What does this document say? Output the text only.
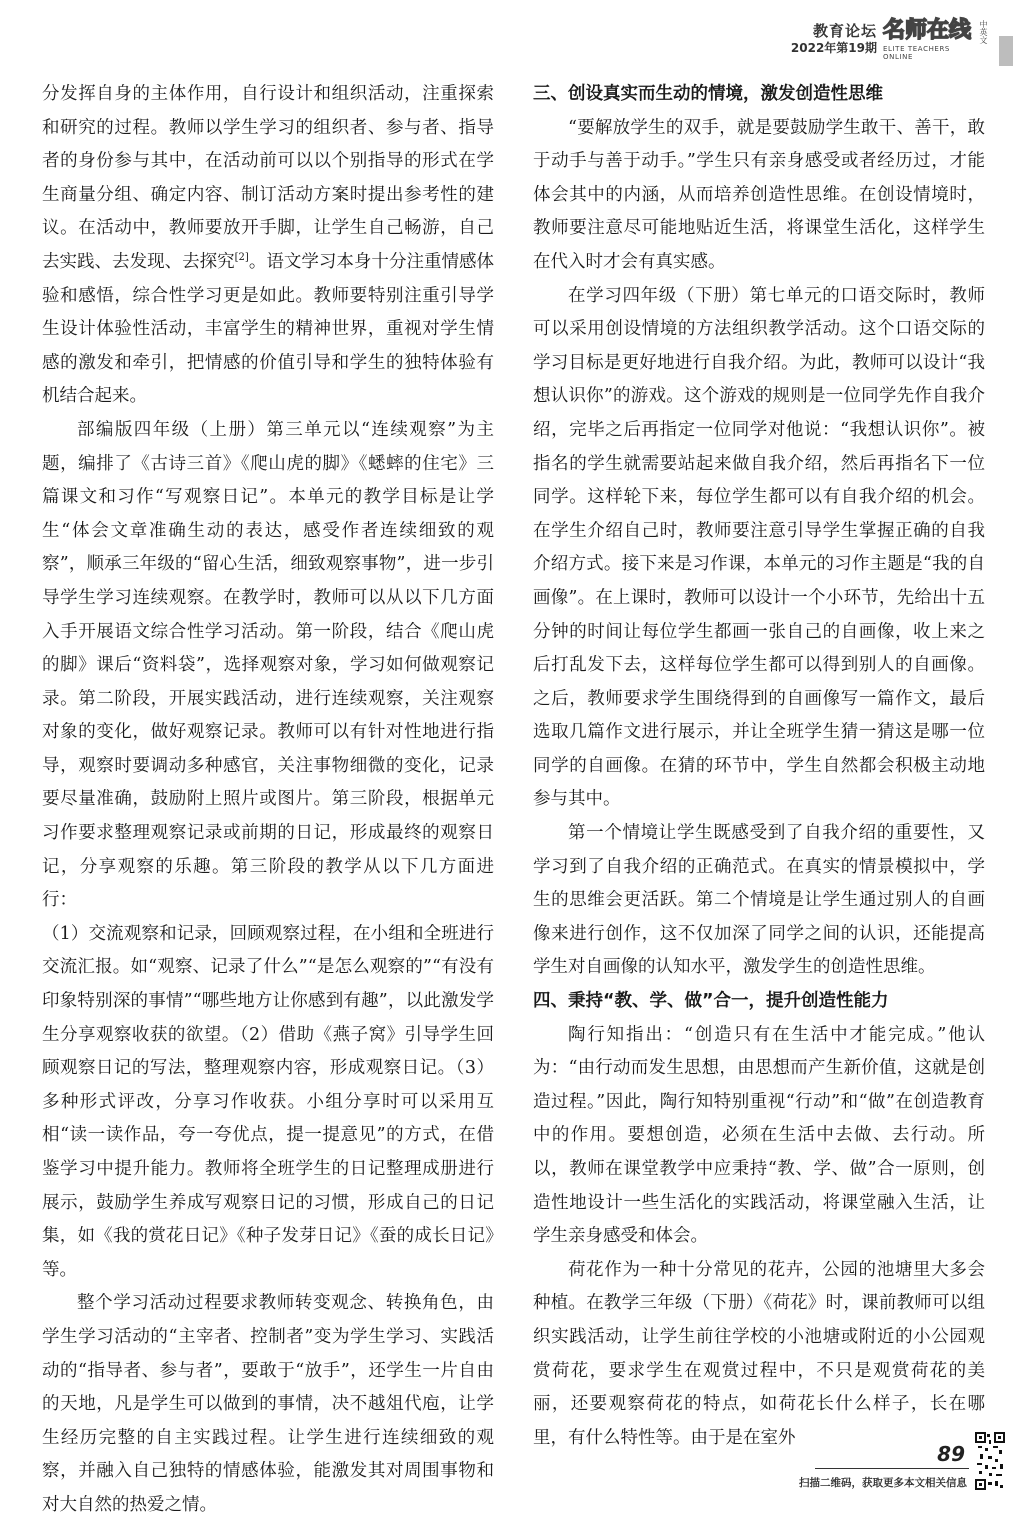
教育论坛
2022年第19期
名师在线
ELITE TEACHERS ONLINE
中英文

分发挥自身的主体作用，自行设计和组织活动，注重探索和研究的过程。教师以学生学习的组织者、参与者、指导者的身份参与其中，在活动前可以以个别指导的形式在学生商量分组、确定内容、制订活动方案时提出参考性的建议。在活动中，教师要放开手脚，让学生自己畅游，自己去实践、去发现、去探究[2]。语文学习本身十分注重情感体验和感悟，综合性学习更是如此。教师要特别注重引导学生设计体验性活动，丰富学生的精神世界，重视对学生情感的激发和牵引，把情感的价值引导和学生的独特体验有机结合起来。

部编版四年级（上册）第三单元以“连续观察”为主题，编排了《古诗三首》《爬山虎的脚》《蟋蟀的住宅》三篇课文和习作“写观察日记”。本单元的教学目标是让学生“体会文章准确生动的表达，感受作者连续细致的观察”，顺承三年级的“留心生活，细致观察事物”，进一步引导学生学习连续观察。在教学时，教师可以从以下几方面入手开展语文综合性学习活动。第一阶段，结合《爬山虎的脚》课后“资料袋”，选择观察对象，学习如何做观察记录。第二阶段，开展实践活动，进行连续观察，关注观察对象的变化，做好观察记录。教师可以有针对性地进行指导，观察时要调动多种感官，关注事物细微的变化，记录要尽量准确，鼓励附上照片或图片。第三阶段，根据单元习作要求整理观察记录或前期的日记，形成最终的观察日记，分享观察的乐趣。第三阶段的教学从以下几方面进行：

（1）交流观察和记录，回顾观察过程，在小组和全班进行交流汇报。如“观察、记录了什么”“是怎么观察的”“有没有印象特别深的事情”“哪些地方让你感到有趣”，以此激发学生分享观察收获的欲望。（2）借助《燕子窝》引导学生回顾观察日记的写法，整理观察内容，形成观察日记。（3）多种形式评改，分享习作收获。小组分享时可以采用互相“读一读作品，夸一夸优点，提一提意见”的方式，在借鉴学习中提升能力。教师将全班学生的日记整理成册进行展示，鼓励学生养成写观察日记的习惯，形成自己的日记集，如《我的赏花日记》《种子发芽日记》《蚕的成长日记》等。

整个学习活动过程要求教师转变观念、转换角色，由学生学习活动的“主宰者、控制者”变为学生学习、实践活动的“指导者、参与者”，要敢于“放手”，还学生一片自由的天地，凡是学生可以做到的事情，决不越俎代庖，让学生经历完整的自主实践过程。让学生进行连续细致的观察，并融入自己独特的情感体验，能激发其对周围事物和对大自然的热爱之情。

三、创设真实而生动的情境，激发创造性思维

“要解放学生的双手，就是要鼓励学生敢干、善干，敢于动手与善于动手。”学生只有亲身感受或者经历过，才能体会其中的内涵，从而培养创造性思维。在创设情境时，教师要注意尽可能地贴近生活，将课堂生活化，这样学生在代入时才会有真实感。

在学习四年级（下册）第七单元的口语交际时，教师可以采用创设情境的方法组织教学活动。这个口语交际的学习目标是更好地进行自我介绍。为此，教师可以设计“我想认识你”的游戏。这个游戏的规则是一位同学先作自我介绍，完毕之后再指定一位同学对他说：“我想认识你”。被指名的学生就需要站起来做自我介绍，然后再指名下一位同学。这样轮下来，每位学生都可以有自我介绍的机会。在学生介绍自己时，教师要注意引导学生掌握正确的自我介绍方式。接下来是习作课，本单元的习作主题是“我的自画像”。在上课时，教师可以设计一个小环节，先给出十五分钟的时间让每位学生都画一张自己的自画像，收上来之后打乱发下去，这样每位学生都可以得到别人的自画像。之后，教师要求学生围绕得到的自画像写一篇作文，最后选取几篇作文进行展示，并让全班学生猜一猜这是哪一位同学的自画像。在猜的环节中，学生自然都会积极主动地参与其中。

第一个情境让学生既感受到了自我介绍的重要性，又学习到了自我介绍的正确范式。在真实的情景模拟中，学生的思维会更活跃。第二个情境是让学生通过别人的自画像来进行创作，这不仅加深了同学之间的认识，还能提高学生对自画像的认知水平，激发学生的创造性思维。

四、秉持“教、学、做”合一，提升创造性能力

陶行知指出：“创造只有在生活中才能完成。”他认为：“由行动而发生思想，由思想而产生新价值，这就是创造过程。”因此，陶行知特别重视“行动”和“做”在创造教育中的作用。要想创造，必须在生活中去做、去行动。所以，教师在课堂教学中应秉持“教、学、做”合一原则，创造性地设计一些生活化的实践活动，将课堂融入生活，让学生亲身感受和体会。

荷花作为一种十分常见的花卉，公园的池塘里大多会种植。在教学三年级（下册）《荷花》时，课前教师可以组织实践活动，让学生前往学校的小池塘或附近的小公园观赏荷花，要求学生在观赏过程中，不只是观赏荷花的美丽，还要观察荷花的特点，如荷花长什么样子，长在哪里，有什么特性等。由于是在室外

89
扫描二维码，获取更多本文相关信息
